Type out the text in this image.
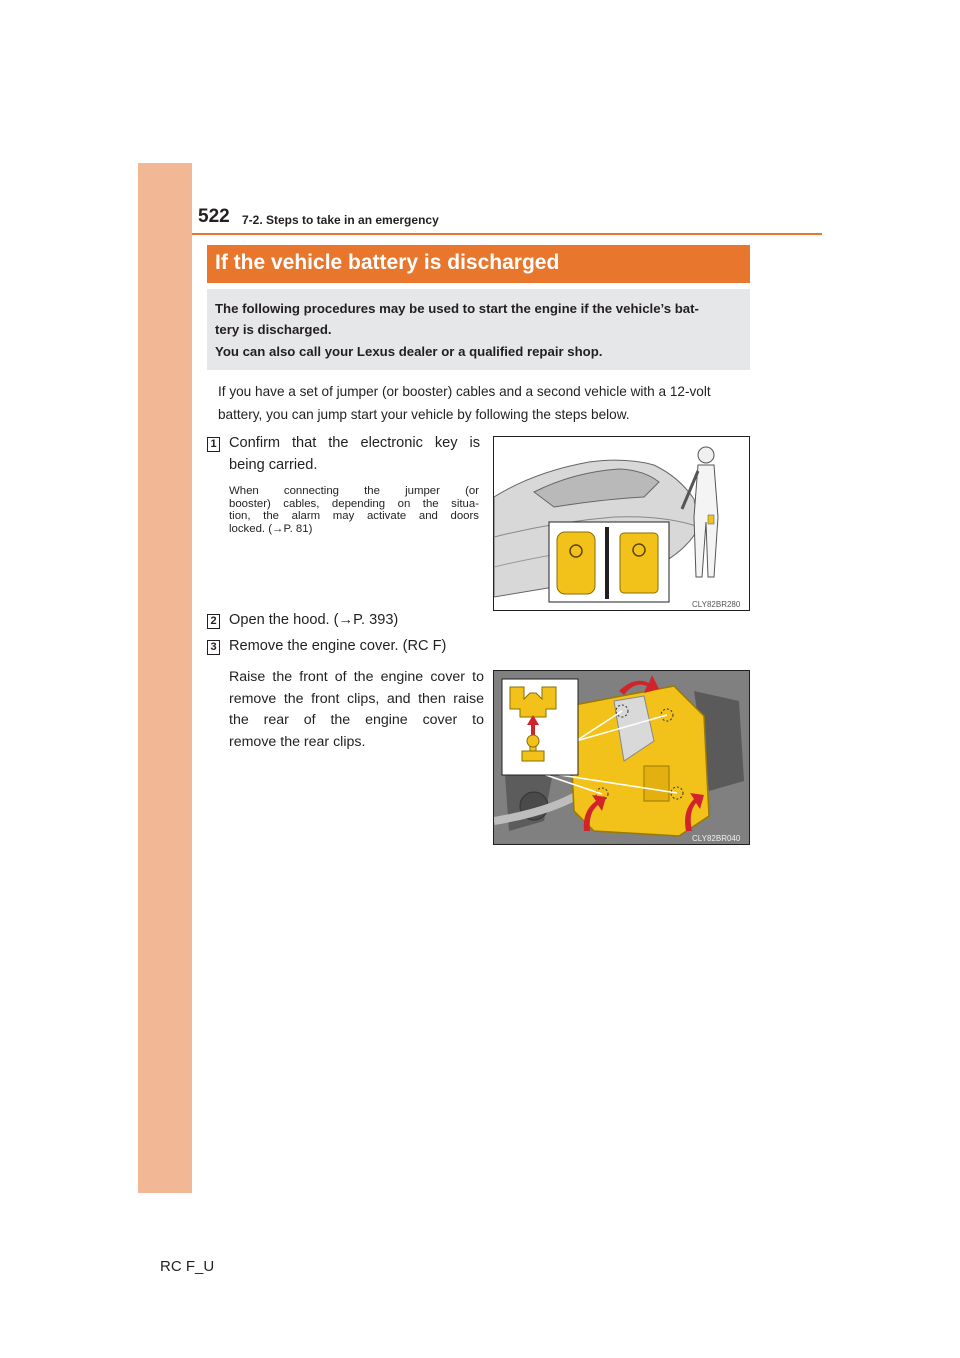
522 7-2. Steps to take in an emergency
If the vehicle battery is discharged
The following procedures may be used to start the engine if the vehicle’s bat-
tery is discharged.
You can also call your Lexus dealer or a qualified repair shop.
If you have a set of jumper (or booster) cables and a second vehicle with a 12-volt
battery, you can jump start your vehicle by following the steps below.
1 Confirm that the electronic key is
being carried.
When connecting the jumper (or
booster) cables, depending on the situa-
tion, the alarm may activate and doors
locked. (→P. 81)
CLY82BR280
2 Open the hood. (→P. 393)
3 Remove the engine cover. (RC F)
Raise the front of the engine cover to
remove the front clips, and then raise
the rear of the engine cover to
remove the rear clips.
CLY82BR040
RC F_U
